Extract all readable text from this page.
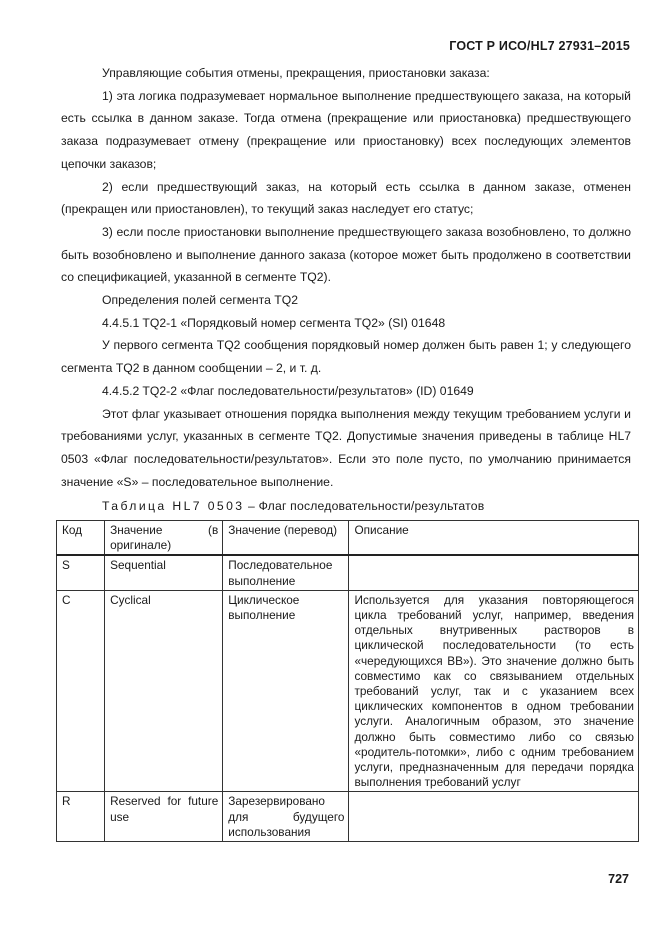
ГОСТ Р ИСО/HL7 27931–2015

Управляющие события отмены, прекращения, приостановки заказа:

1) эта логика подразумевает нормальное выполнение предшествующего заказа, на который есть ссылка в данном заказе. Тогда отмена (прекращение или приостановка) предшествующего заказа подразумевает отмену (прекращение или приостановку) всех последующих элементов цепочки заказов;

2) если предшествующий заказ, на который есть ссылка в данном заказе, отменен (прекращен или приостановлен), то текущий заказ наследует его статус;

3) если после приостановки выполнение предшествующего заказа возобновлено, то должно быть возобновлено и выполнение данного заказа (которое может быть продолжено в соответствии со спецификацией, указанной в сегменте TQ2).

Определения полей сегмента TQ2

4.4.5.1 TQ2-1 «Порядковый номер сегмента TQ2» (SI) 01648

У первого сегмента TQ2 сообщения порядковый номер должен быть равен 1; у следующего сегмента TQ2 в данном сообщении – 2, и т. д.

4.4.5.2 TQ2-2 «Флаг последовательности/результатов» (ID) 01649

Этот флаг указывает отношения порядка выполнения между текущим требованием услуги и требованиями услуг, указанных в сегменте TQ2. Допустимые значения приведены в таблице HL7 0503 «Флаг последовательности/результатов». Если это поле пусто, по умолчанию принимается значение «S» – последовательное выполнение.

Таблица HL7 0503 – Флаг последовательности/результатов
Код	Значение (в оригинале)	Значение (перевод)	Описание
S	Sequential	Последовательное выполнение	
C	Cyclical	Циклическое выполнение	Используется для указания повторяющегося цикла требований услуг, например, введения отдельных внутривенных растворов в циклической последовательности (то есть «чередующихся ВВ»). Это значение должно быть совместимо как со связыванием отдельных требований услуг, так и с указанием всех циклических компонентов в одном требовании услуги. Аналогичным образом, это значение должно быть совместимо либо со связью «родитель-потомки», либо с одним требованием услуги, предназначенным для передачи порядка выполнения требований услуг
R	Reserved for future use	Зарезервировано для будущего использования	
727
